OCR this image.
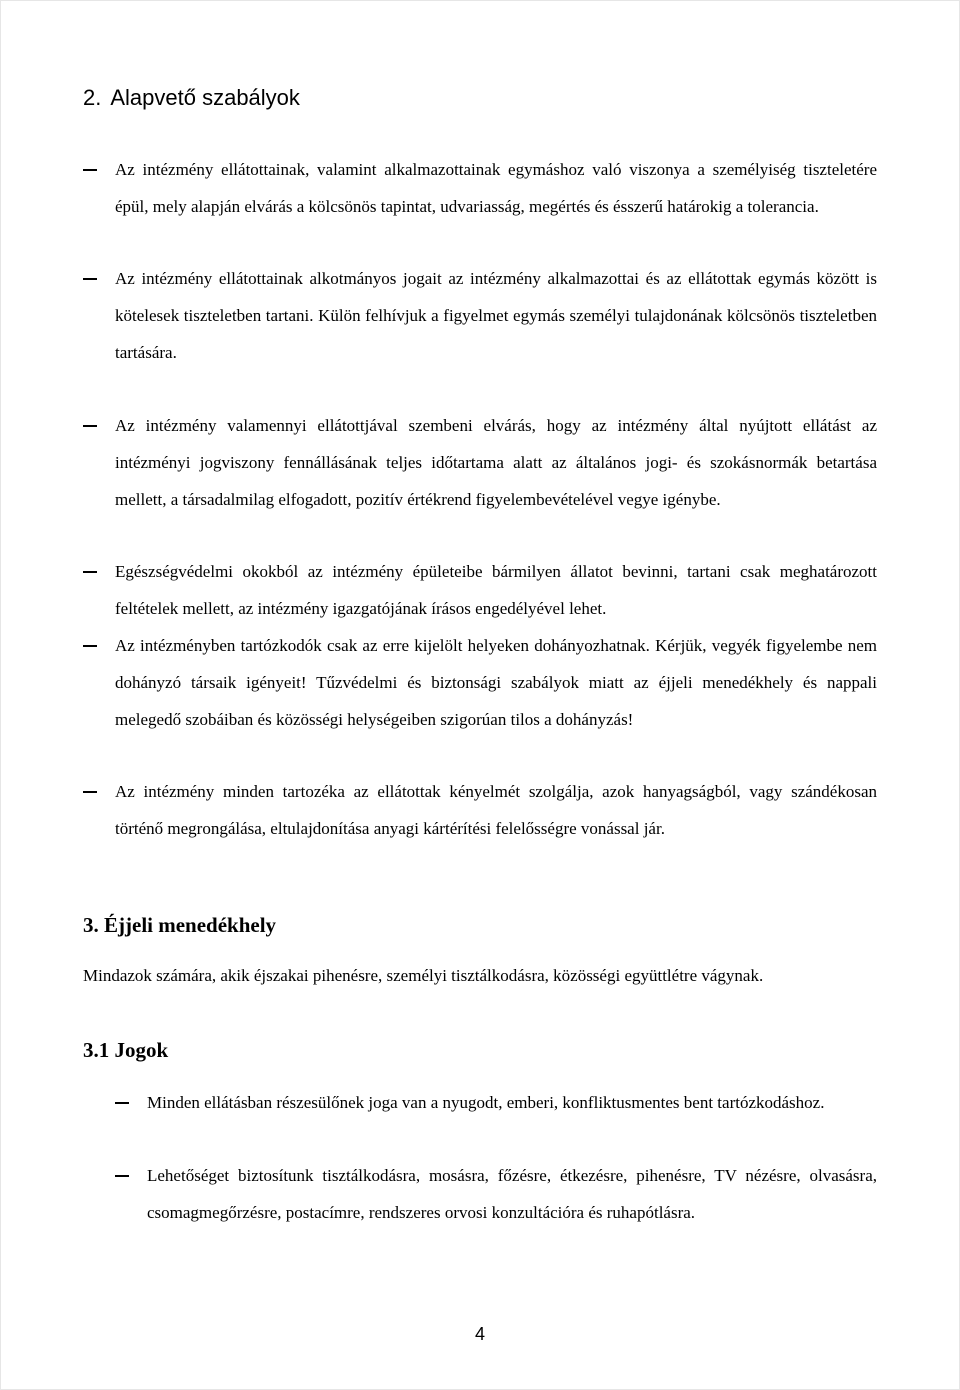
2. Alapvető szabályok
Az intézmény ellátottainak, valamint alkalmazottainak egymáshoz való viszonya a személyiség tiszteletére épül, mely alapján elvárás a kölcsönös tapintat, udvariasság, megértés és ésszerű határokig a tolerancia.
Az intézmény ellátottainak alkotmányos jogait az intézmény alkalmazottai és az ellátottak egymás között is kötelesek tiszteletben tartani. Külön felhívjuk a figyelmet egymás személyi tulajdonának kölcsönös tiszteletben tartására.
Az intézmény valamennyi ellátottjával szembeni elvárás, hogy az intézmény által nyújtott ellátást az intézményi jogviszony fennállásának teljes időtartama alatt az általános jogi- és szokásnormák betartása mellett, a társadalmilag elfogadott, pozitív értékrend figyelembevételével vegye igénybe.
Egészségvédelmi okokból az intézmény épületeibe bármilyen állatot bevinni, tartani csak meghatározott feltételek mellett, az intézmény igazgatójának írásos engedélyével lehet.
Az intézményben tartózkodók csak az erre kijelölt helyeken dohányozhatnak. Kérjük, vegyék figyelembe nem dohányzó társaik igényeit! Tűzvédelmi és biztonsági szabályok miatt az éjjeli menedékhely és nappali melegedő szobáiban és közösségi helységeiben szigorúan tilos a dohányzás!
Az intézmény minden tartozéka az ellátottak kényelmét szolgálja, azok hanyagságból, vagy szándékosan történő megrongálása, eltulajdonítása anyagi kártérítési felelősségre vonással jár.
3. Éjjeli menedékhely
Mindazok számára, akik éjszakai pihenésre, személyi tisztálkodásra, közösségi együttlétre vágynak.
3.1 Jogok
Minden ellátásban részesülőnek joga van a nyugodt, emberi, konfliktusmentes bent tartózkodáshoz.
Lehetőséget biztosítunk tisztálkodásra, mosásra, főzésre, étkezésre, pihenésre, TV nézésre, olvasásra, csomagmegőrzésre, postacímre, rendszeres orvosi konzultációra és ruhapótlásra.
4
